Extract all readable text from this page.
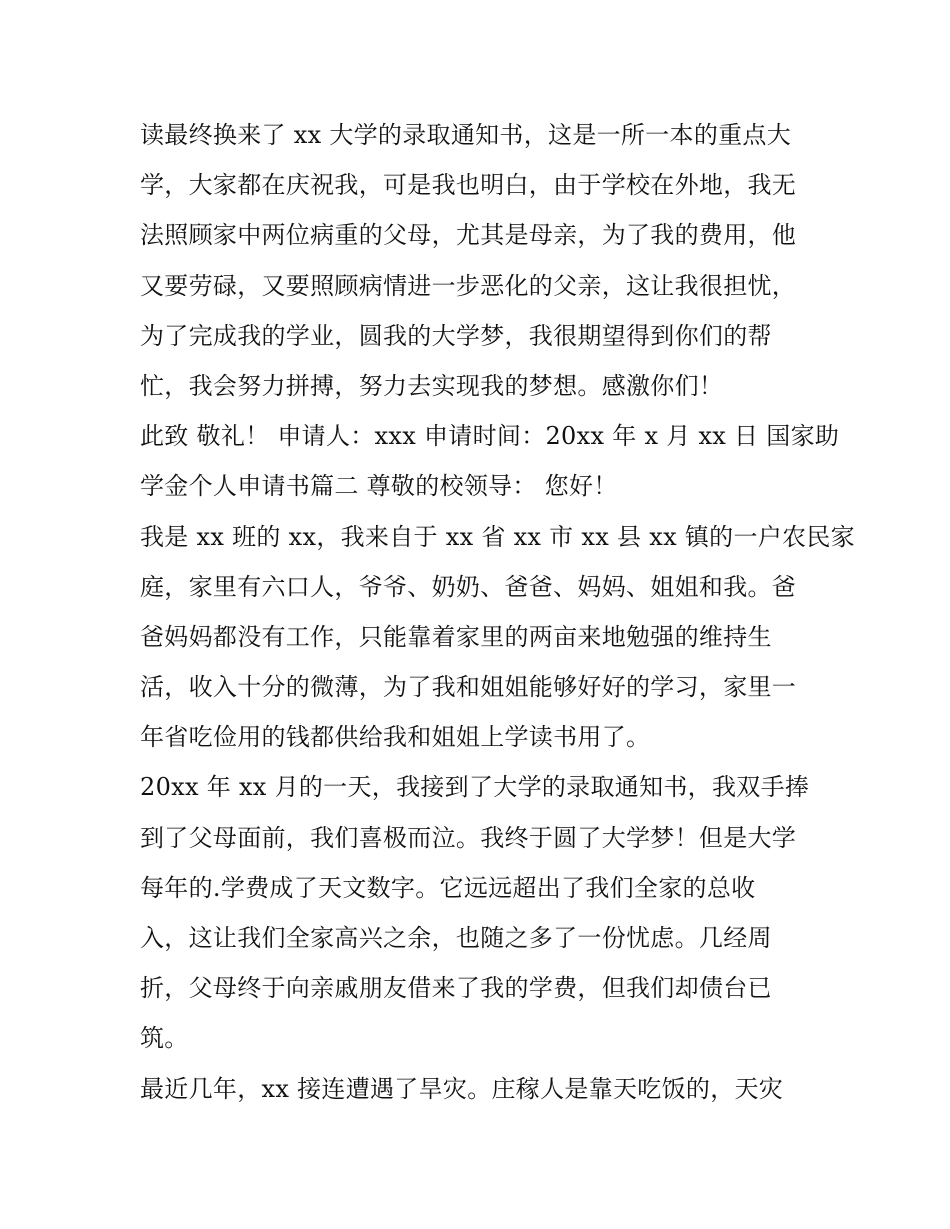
读最终换来了 xx 大学的录取通知书，这是一所一本的重点大
学，大家都在庆祝我，可是我也明白，由于学校在外地，我无
法照顾家中两位病重的父母，尤其是母亲，为了我的费用，他
又要劳碌，又要照顾病情进一步恶化的父亲，这让我很担忧，
为了完成我的学业，圆我的大学梦，我很期望得到你们的帮
忙，我会努力拼搏，努力去实现我的梦想。感激你们！
此致 敬礼！ 申请人：xxx 申请时间：20xx 年 x 月 xx 日 国家助
学金个人申请书篇二 尊敬的校领导： 您好！
我是 xx 班的 xx，我来自于 xx 省 xx 市 xx 县 xx 镇的一户农民家
庭，家里有六口人，爷爷、奶奶、爸爸、妈妈、姐姐和我。爸
爸妈妈都没有工作，只能靠着家里的两亩来地勉强的维持生
活，收入十分的微薄，为了我和姐姐能够好好的学习，家里一
年省吃俭用的钱都供给我和姐姐上学读书用了。
20xx 年 xx 月的一天，我接到了大学的录取通知书，我双手捧
到了父母面前，我们喜极而泣。我终于圆了大学梦！但是大学
每年的.学费成了天文数字。它远远超出了我们全家的总收
入，这让我们全家高兴之余，也随之多了一份忧虑。几经周
折，父母终于向亲戚朋友借来了我的学费，但我们却债台已
筑。
最近几年，xx 接连遭遇了旱灾。庄稼人是靠天吃饭的，天灾
